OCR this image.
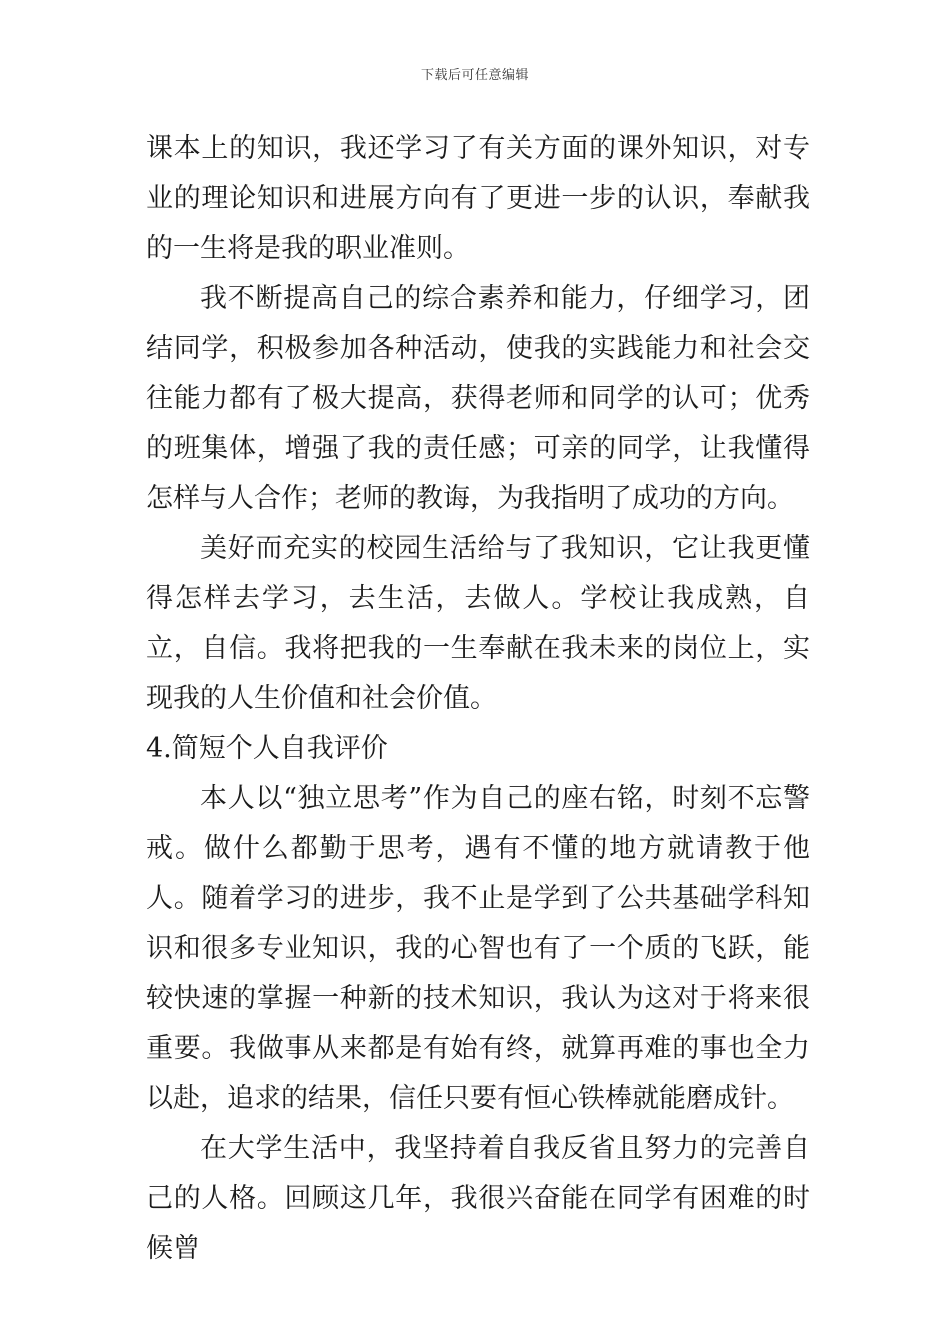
下载后可任意编辑

课本上的知识，我还学习了有关方面的课外知识，对专业的理论知识和进展方向有了更进一步的认识，奉献我的一生将是我的职业准则。

我不断提高自己的综合素养和能力，仔细学习，团结同学，积极参加各种活动，使我的实践能力和社会交往能力都有了极大提高，获得老师和同学的认可；优秀的班集体，增强了我的责任感；可亲的同学，让我懂得怎样与人合作；老师的教诲，为我指明了成功的方向。

美好而充实的校园生活给与了我知识，它让我更懂得怎样去学习，去生活，去做人。学校让我成熟，自立，自信。我将把我的一生奉献在我未来的岗位上，实现我的人生价值和社会价值。

4.简短个人自我评价

本人以“独立思考”作为自己的座右铭，时刻不忘警戒。做什么都勤于思考，遇有不懂的地方就请教于他人。随着学习的进步，我不止是学到了公共基础学科知识和很多专业知识，我的心智也有了一个质的飞跃，能较快速的掌握一种新的技术知识，我认为这对于将来很重要。我做事从来都是有始有终，就算再难的事也全力以赴，追求的结果，信任只要有恒心铁棒就能磨成针。

在大学生活中，我坚持着自我反省且努力的完善自己的人格。回顾这几年，我很兴奋能在同学有困难的时候曾
